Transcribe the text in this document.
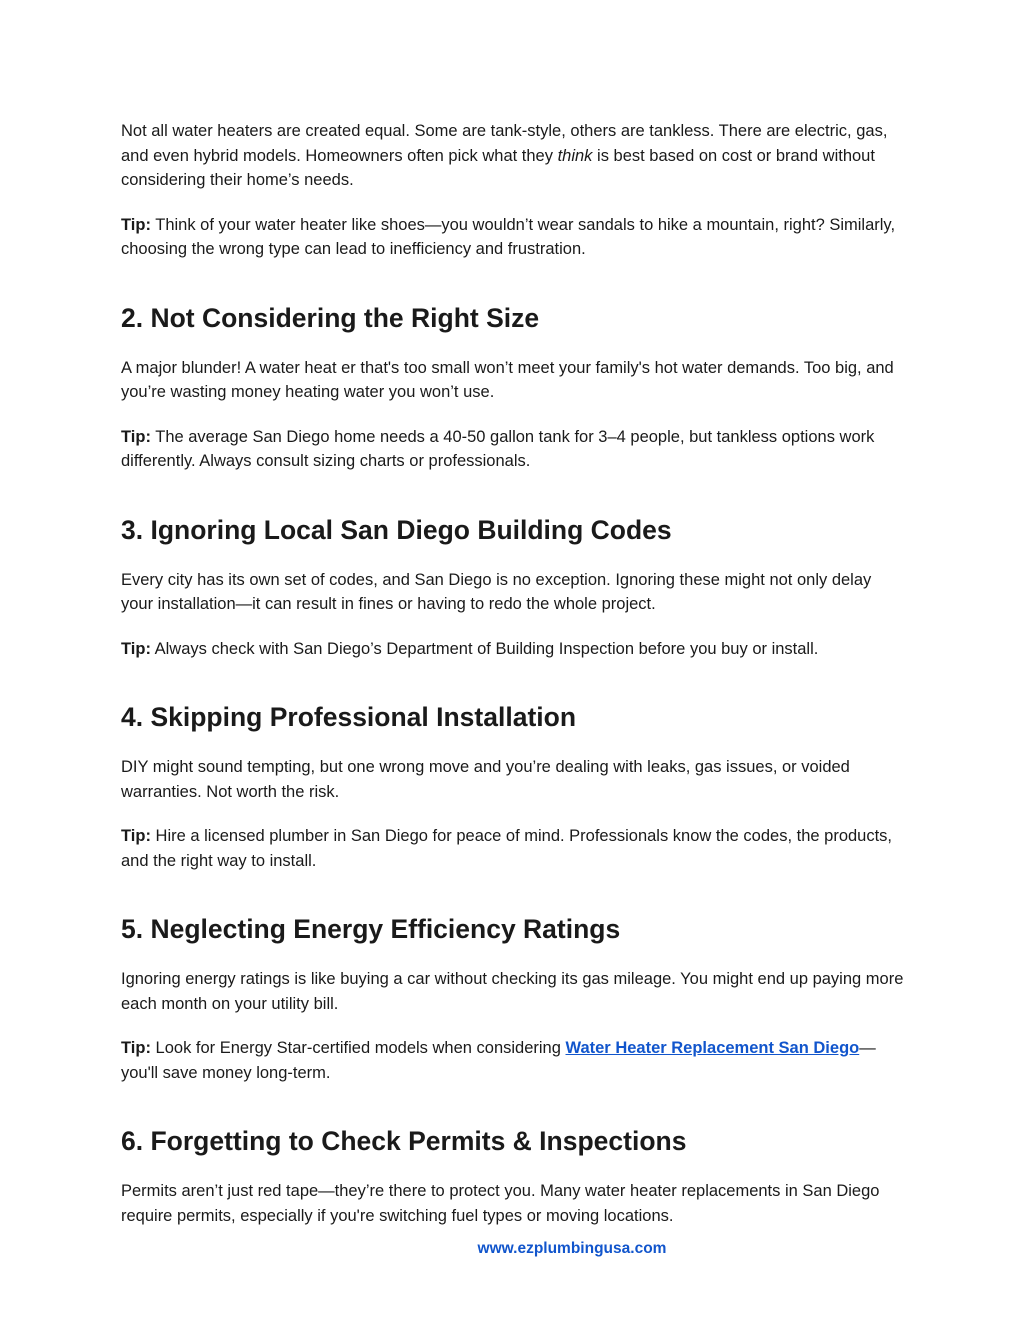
Not all water heaters are created equal. Some are tank-style, others are tankless. There are electric, gas, and even hybrid models. Homeowners often pick what they think is best based on cost or brand without considering their home’s needs.

Tip: Think of your water heater like shoes—you wouldn’t wear sandals to hike a mountain, right? Similarly, choosing the wrong type can lead to inefficiency and frustration.

2. Not Considering the Right Size

A major blunder! A water heat er that's too small won’t meet your family's hot water demands. Too big, and you’re wasting money heating water you won’t use.

Tip: The average San Diego home needs a 40-50 gallon tank for 3–4 people, but tankless options work differently. Always consult sizing charts or professionals.

3. Ignoring Local San Diego Building Codes

Every city has its own set of codes, and San Diego is no exception. Ignoring these might not only delay your installation—it can result in fines or having to redo the whole project.

Tip: Always check with San Diego’s Department of Building Inspection before you buy or install.

4. Skipping Professional Installation

DIY might sound tempting, but one wrong move and you’re dealing with leaks, gas issues, or voided warranties. Not worth the risk.

Tip: Hire a licensed plumber in San Diego for peace of mind. Professionals know the codes, the products, and the right way to install.

5. Neglecting Energy Efficiency Ratings

Ignoring energy ratings is like buying a car without checking its gas mileage. You might end up paying more each month on your utility bill.

Tip: Look for Energy Star-certified models when considering Water Heater Replacement San Diego—you'll save money long-term.

6. Forgetting to Check Permits & Inspections

Permits aren’t just red tape—they’re there to protect you. Many water heater replacements in San Diego require permits, especially if you're switching fuel types or moving locations.

www.ezplumbingusa.com
